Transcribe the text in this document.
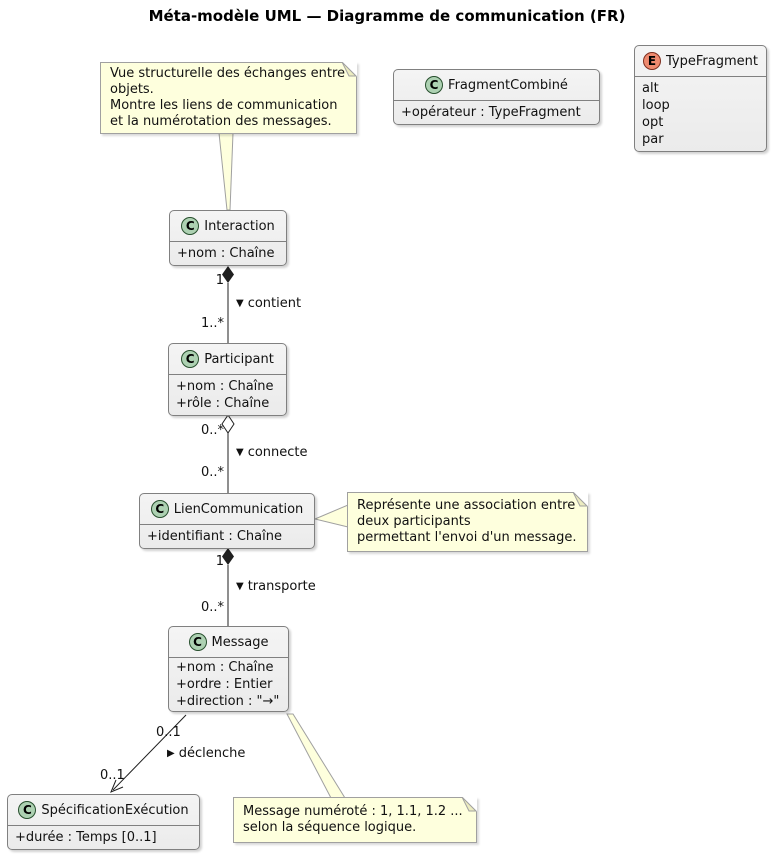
Méta-modèle UML — Diagramme de communication (FR)
Vue structurelle des échanges entre
objets.
Montre les liens de communication
et la numérotation des messages.
Représente une association entre
deux participants
permettant l'envoi d'un message.
Message numéroté : 1, 1.1, 1.2 ...
selon la séquence logique.
C FragmentCombiné
+opérateur : TypeFragment
E TypeFragment
alt
loop
opt
par
C Interaction
+nom : Chaîne
C Participant
+nom : Chaîne
+rôle : Chaîne
C LienCommunication
+identifiant : Chaîne
C Message
+nom : Chaîne
+ordre : Entier
+direction : "→"
C SpécificationExécution
+durée : Temps [0..1]
1
▼ contient
1..*
0..*
▼ connecte
0..*
1
▼ transporte
0..*
0..1
▶ déclenche
0..1
